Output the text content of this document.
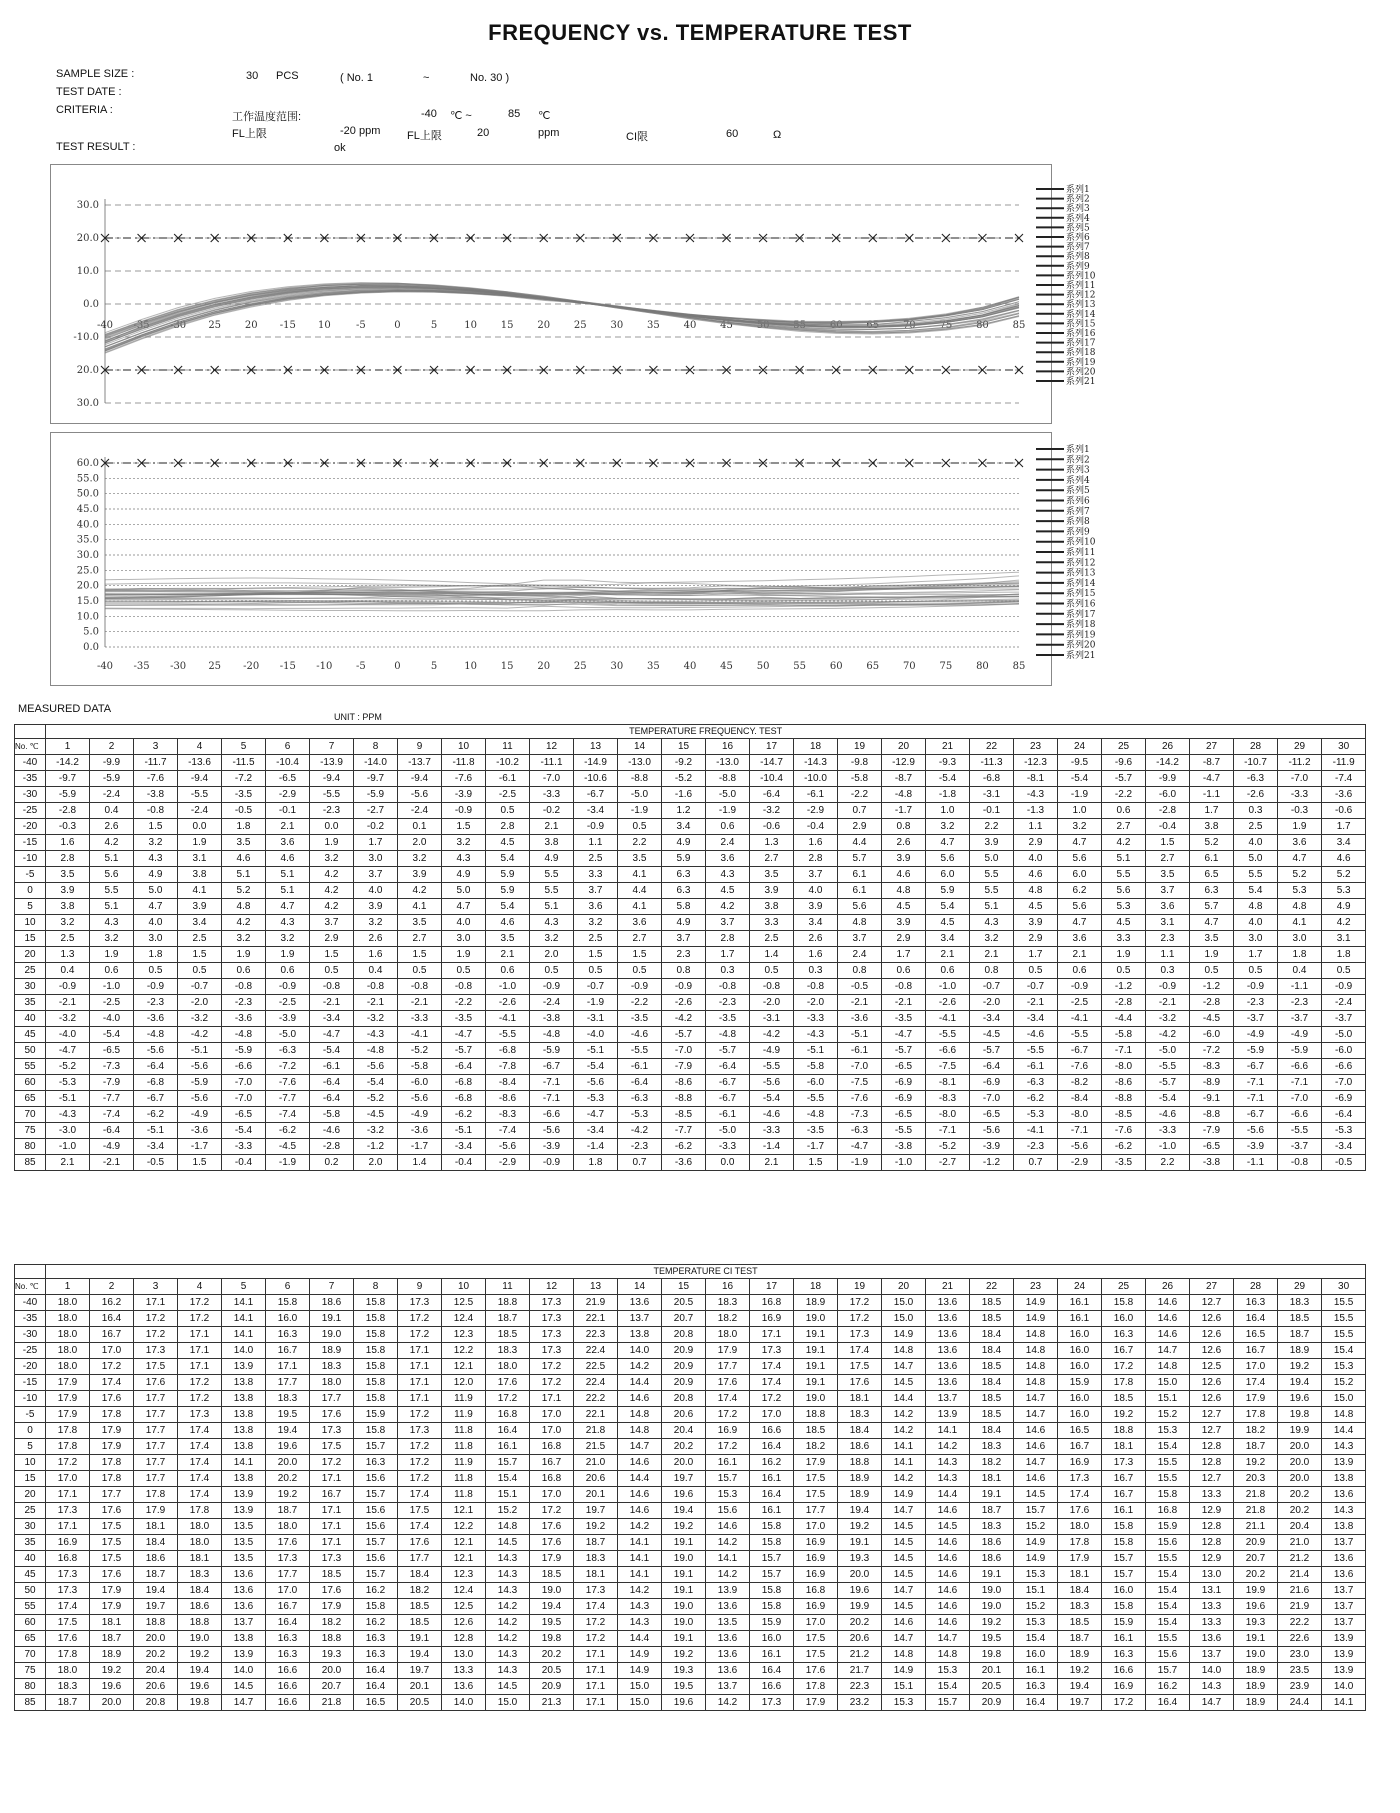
FREQUENCY vs. TEMPERATURE TEST
SAMPLE SIZE :	30 PCS	( No. 1	~	No. 30 )
TEST DATE :
CRITERIA :
工作温度范围:	-40 ℃ ~	85 ℃
FL上限	-20 ppm FL上限	20	ppm	CI限	60	Ω
TEST RESULT :	ok
30.0
20.0
10.0
0.0
-10.0
20.0
30.0
-40 -35 -30 25 20 -15 10	-5	0	5	10 15 20 25 30 35 40 45 50 55 60 65 70 75 80 85
系列1
系列2
系列3
系列4
系列5
系列6
系列7
系列8
系列9
系列10
系列11
系列12
系列13
系列14
系列15
系列16
系列17
系列18
系列19
系列20
系列21
60.0
55.0
50.0
45.0
40.0
35.0
30.0
25.0
20.0
15.0
10.0
5.0
0.0
-40 -35 -30 25 -20 -15 -10 -5	0	5	10 15 20 25 30 35 40 45 50 55 60 65 70 75 80 85
系列1
系列2
系列3
系列4
系列5
系列6
系列7
系列8
系列9
系列10
系列11
系列12
系列13
系列14
系列15
系列16
系列17
系列18
系列19
系列20
系列21
MEASURED DATA
UNIT : PPM
	TEMPERATURE FREQUENCY. TEST																													
No. ℃	1	2	3	4	5	6	7	8	9	10	11	12	13	14	15	16	17	18	19	20	21	22	23	24	25	26	27	28	29	30
-40	-14.2	-9.9	-11.7	-13.6	-11.5	-10.4	-13.9	-14.0	-13.7	-11.8	-10.2	-11.1	-14.9	-13.0	-9.2	-13.0	-14.7	-14.3	-9.8	-12.9	-9.3	-11.3	-12.3	-9.5	-9.6	-14.2	-8.7	-10.7	-11.2	-11.9
-35	-9.7	-5.9	-7.6	-9.4	-7.2	-6.5	-9.4	-9.7	-9.4	-7.6	-6.1	-7.0	-10.6	-8.8	-5.2	-8.8	-10.4	-10.0	-5.8	-8.7	-5.4	-6.8	-8.1	-5.4	-5.7	-9.9	-4.7	-6.3	-7.0	-7.4
-30	-5.9	-2.4	-3.8	-5.5	-3.5	-2.9	-5.5	-5.9	-5.6	-3.9	-2.5	-3.3	-6.7	-5.0	-1.6	-5.0	-6.4	-6.1	-2.2	-4.8	-1.8	-3.1	-4.3	-1.9	-2.2	-6.0	-1.1	-2.6	-3.3	-3.6
-25	-2.8	0.4	-0.8	-2.4	-0.5	-0.1	-2.3	-2.7	-2.4	-0.9	0.5	-0.2	-3.4	-1.9	1.2	-1.9	-3.2	-2.9	0.7	-1.7	1.0	-0.1	-1.3	1.0	0.6	-2.8	1.7	0.3	-0.3	-0.6
-20	-0.3	2.6	1.5	0.0	1.8	2.1	0.0	-0.2	0.1	1.5	2.8	2.1	-0.9	0.5	3.4	0.6	-0.6	-0.4	2.9	0.8	3.2	2.2	1.1	3.2	2.7	-0.4	3.8	2.5	1.9	1.7
-15	1.6	4.2	3.2	1.9	3.5	3.6	1.9	1.7	2.0	3.2	4.5	3.8	1.1	2.2	4.9	2.4	1.3	1.6	4.4	2.6	4.7	3.9	2.9	4.7	4.2	1.5	5.2	4.0	3.6	3.4
-10	2.8	5.1	4.3	3.1	4.6	4.6	3.2	3.0	3.2	4.3	5.4	4.9	2.5	3.5	5.9	3.6	2.7	2.8	5.7	3.9	5.6	5.0	4.0	5.6	5.1	2.7	6.1	5.0	4.7	4.6
-5	3.5	5.6	4.9	3.8	5.1	5.1	4.2	3.7	3.9	4.9	5.9	5.5	3.3	4.1	6.3	4.3	3.5	3.7	6.1	4.6	6.0	5.5	4.6	6.0	5.5	3.5	6.5	5.5	5.2	5.2
0	3.9	5.5	5.0	4.1	5.2	5.1	4.2	4.0	4.2	5.0	5.9	5.5	3.7	4.4	6.3	4.5	3.9	4.0	6.1	4.8	5.9	5.5	4.8	6.2	5.6	3.7	6.3	5.4	5.3	5.3
5	3.8	5.1	4.7	3.9	4.8	4.7	4.2	3.9	4.1	4.7	5.4	5.1	3.6	4.1	5.8	4.2	3.8	3.9	5.6	4.5	5.4	5.1	4.5	5.6	5.3	3.6	5.7	4.8	4.8	4.9
10	3.2	4.3	4.0	3.4	4.2	4.3	3.7	3.2	3.5	4.0	4.6	4.3	3.2	3.6	4.9	3.7	3.3	3.4	4.8	3.9	4.5	4.3	3.9	4.7	4.5	3.1	4.7	4.0	4.1	4.2
15	2.5	3.2	3.0	2.5	3.2	3.2	2.9	2.6	2.7	3.0	3.5	3.2	2.5	2.7	3.7	2.8	2.5	2.6	3.7	2.9	3.4	3.2	2.9	3.6	3.3	2.3	3.5	3.0	3.0	3.1
20	1.3	1.9	1.8	1.5	1.9	1.9	1.5	1.6	1.5	1.9	2.1	2.0	1.5	1.5	2.3	1.7	1.4	1.6	2.4	1.7	2.1	2.1	1.7	2.1	1.9	1.1	1.9	1.7	1.8	1.8
25	0.4	0.6	0.5	0.5	0.6	0.6	0.5	0.4	0.5	0.5	0.6	0.5	0.5	0.5	0.8	0.3	0.5	0.3	0.8	0.6	0.6	0.8	0.5	0.6	0.5	0.3	0.5	0.5	0.4	0.5
30	-0.9	-1.0	-0.9	-0.7	-0.8	-0.9	-0.8	-0.8	-0.8	-0.8	-1.0	-0.9	-0.7	-0.9	-0.9	-0.8	-0.8	-0.8	-0.5	-0.8	-1.0	-0.7	-0.7	-0.9	-1.2	-0.9	-1.2	-0.9	-1.1	-0.9
35	-2.1	-2.5	-2.3	-2.0	-2.3	-2.5	-2.1	-2.1	-2.1	-2.2	-2.6	-2.4	-1.9	-2.2	-2.6	-2.3	-2.0	-2.0	-2.1	-2.1	-2.6	-2.0	-2.1	-2.5	-2.8	-2.1	-2.8	-2.3	-2.3	-2.4
40	-3.2	-4.0	-3.6	-3.2	-3.6	-3.9	-3.4	-3.2	-3.3	-3.5	-4.1	-3.8	-3.1	-3.5	-4.2	-3.5	-3.1	-3.3	-3.6	-3.5	-4.1	-3.4	-3.4	-4.1	-4.4	-3.2	-4.5	-3.7	-3.7	-3.7
45	-4.0	-5.4	-4.8	-4.2	-4.8	-5.0	-4.7	-4.3	-4.1	-4.7	-5.5	-4.8	-4.0	-4.6	-5.7	-4.8	-4.2	-4.3	-5.1	-4.7	-5.5	-4.5	-4.6	-5.5	-5.8	-4.2	-6.0	-4.9	-4.9	-5.0
50	-4.7	-6.5	-5.6	-5.1	-5.9	-6.3	-5.4	-4.8	-5.2	-5.7	-6.8	-5.9	-5.1	-5.5	-7.0	-5.7	-4.9	-5.1	-6.1	-5.7	-6.6	-5.7	-5.5	-6.7	-7.1	-5.0	-7.2	-5.9	-5.9	-6.0
55	-5.2	-7.3	-6.4	-5.6	-6.6	-7.2	-6.1	-5.6	-5.8	-6.4	-7.8	-6.7	-5.4	-6.1	-7.9	-6.4	-5.5	-5.8	-7.0	-6.5	-7.5	-6.4	-6.1	-7.6	-8.0	-5.5	-8.3	-6.7	-6.6	-6.6
60	-5.3	-7.9	-6.8	-5.9	-7.0	-7.6	-6.4	-5.4	-6.0	-6.8	-8.4	-7.1	-5.6	-6.4	-8.6	-6.7	-5.6	-6.0	-7.5	-6.9	-8.1	-6.9	-6.3	-8.2	-8.6	-5.7	-8.9	-7.1	-7.1	-7.0
65	-5.1	-7.7	-6.7	-5.6	-7.0	-7.7	-6.4	-5.2	-5.6	-6.8	-8.6	-7.1	-5.3	-6.3	-8.8	-6.7	-5.4	-5.5	-7.6	-6.9	-8.3	-7.0	-6.2	-8.4	-8.8	-5.4	-9.1	-7.1	-7.0	-6.9
70	-4.3	-7.4	-6.2	-4.9	-6.5	-7.4	-5.8	-4.5	-4.9	-6.2	-8.3	-6.6	-4.7	-5.3	-8.5	-6.1	-4.6	-4.8	-7.3	-6.5	-8.0	-6.5	-5.3	-8.0	-8.5	-4.6	-8.8	-6.7	-6.6	-6.4
75	-3.0	-6.4	-5.1	-3.6	-5.4	-6.2	-4.6	-3.2	-3.6	-5.1	-7.4	-5.6	-3.4	-4.2	-7.7	-5.0	-3.3	-3.5	-6.3	-5.5	-7.1	-5.6	-4.1	-7.1	-7.6	-3.3	-7.9	-5.6	-5.5	-5.3
80	-1.0	-4.9	-3.4	-1.7	-3.3	-4.5	-2.8	-1.2	-1.7	-3.4	-5.6	-3.9	-1.4	-2.3	-6.2	-3.3	-1.4	-1.7	-4.7	-3.8	-5.2	-3.9	-2.3	-5.6	-6.2	-1.0	-6.5	-3.9	-3.7	-3.4
85	2.1	-2.1	-0.5	1.5	-0.4	-1.9	0.2	2.0	1.4	-0.4	-2.9	-0.9	1.8	0.7	-3.6	0.0	2.1	1.5	-1.9	-1.0	-2.7	-1.2	0.7	-2.9	-3.5	2.2	-3.8	-1.1	-0.8	-0.5
	TEMPERATURE CI TEST																													
No. ℃	1	2	3	4	5	6	7	8	9	10	11	12	13	14	15	16	17	18	19	20	21	22	23	24	25	26	27	28	29	30
-40	18.0	16.2	17.1	17.2	14.1	15.8	18.6	15.8	17.3	12.5	18.8	17.3	21.9	13.6	20.5	18.3	16.8	18.9	17.2	15.0	13.6	18.5	14.9	16.1	15.8	14.6	12.7	16.3	18.3	15.5
-35	18.0	16.4	17.2	17.2	14.1	16.0	19.1	15.8	17.2	12.4	18.7	17.3	22.1	13.7	20.7	18.2	16.9	19.0	17.2	15.0	13.6	18.5	14.9	16.1	16.0	14.6	12.6	16.4	18.5	15.5
-30	18.0	16.7	17.2	17.1	14.1	16.3	19.0	15.8	17.2	12.3	18.5	17.3	22.3	13.8	20.8	18.0	17.1	19.1	17.3	14.9	13.6	18.4	14.8	16.0	16.3	14.6	12.6	16.5	18.7	15.5
-25	18.0	17.0	17.3	17.1	14.0	16.7	18.9	15.8	17.1	12.2	18.3	17.3	22.4	14.0	20.9	17.9	17.3	19.1	17.4	14.8	13.6	18.4	14.8	16.0	16.7	14.7	12.6	16.7	18.9	15.4
-20	18.0	17.2	17.5	17.1	13.9	17.1	18.3	15.8	17.1	12.1	18.0	17.2	22.5	14.2	20.9	17.7	17.4	19.1	17.5	14.7	13.6	18.5	14.8	16.0	17.2	14.8	12.5	17.0	19.2	15.3
-15	17.9	17.4	17.6	17.2	13.8	17.7	18.0	15.8	17.1	12.0	17.6	17.2	22.4	14.4	20.9	17.6	17.4	19.1	17.6	14.5	13.6	18.4	14.8	15.9	17.8	15.0	12.6	17.4	19.4	15.2
-10	17.9	17.6	17.7	17.2	13.8	18.3	17.7	15.8	17.1	11.9	17.2	17.1	22.2	14.6	20.8	17.4	17.2	19.0	18.1	14.4	13.7	18.5	14.7	16.0	18.5	15.1	12.6	17.9	19.6	15.0
-5	17.9	17.8	17.7	17.3	13.8	19.5	17.6	15.9	17.2	11.9	16.8	17.0	22.1	14.8	20.6	17.2	17.0	18.8	18.3	14.2	13.9	18.5	14.7	16.0	19.2	15.2	12.7	17.8	19.8	14.8
0	17.8	17.9	17.7	17.4	13.8	19.4	17.3	15.8	17.3	11.8	16.4	17.0	21.8	14.8	20.4	16.9	16.6	18.5	18.4	14.2	14.1	18.4	14.6	16.5	18.8	15.3	12.7	18.2	19.9	14.4
5	17.8	17.9	17.7	17.4	13.8	19.6	17.5	15.7	17.2	11.8	16.1	16.8	21.5	14.7	20.2	17.2	16.4	18.2	18.6	14.1	14.2	18.3	14.6	16.7	18.1	15.4	12.8	18.7	20.0	14.3
10	17.2	17.8	17.7	17.4	14.1	20.0	17.2	16.3	17.2	11.9	15.7	16.7	21.0	14.6	20.0	16.1	16.2	17.9	18.8	14.1	14.3	18.2	14.7	16.9	17.3	15.5	12.8	19.2	20.0	13.9
15	17.0	17.8	17.7	17.4	13.8	20.2	17.1	15.6	17.2	11.8	15.4	16.8	20.6	14.4	19.7	15.7	16.1	17.5	18.9	14.2	14.3	18.1	14.6	17.3	16.7	15.5	12.7	20.3	20.0	13.8
20	17.1	17.7	17.8	17.4	13.9	19.2	16.7	15.7	17.4	11.8	15.1	17.0	20.1	14.6	19.6	15.3	16.4	17.5	18.9	14.9	14.4	19.1	14.5	17.4	16.7	15.8	13.3	21.8	20.2	13.6
25	17.3	17.6	17.9	17.8	13.9	18.7	17.1	15.6	17.5	12.1	15.2	17.2	19.7	14.6	19.4	15.6	16.1	17.7	19.4	14.7	14.6	18.7	15.7	17.6	16.1	16.8	12.9	21.8	20.2	14.3
30	17.1	17.5	18.1	18.0	13.5	18.0	17.1	15.6	17.4	12.2	14.8	17.6	19.2	14.2	19.2	14.6	15.8	17.0	19.2	14.5	14.5	18.3	15.2	18.0	15.8	15.9	12.8	21.1	20.4	13.8
35	16.9	17.5	18.4	18.0	13.5	17.6	17.1	15.7	17.6	12.1	14.5	17.6	18.7	14.1	19.1	14.2	15.8	16.9	19.1	14.5	14.6	18.6	14.9	17.8	15.8	15.6	12.8	20.9	21.0	13.7
40	16.8	17.5	18.6	18.1	13.5	17.3	17.3	15.6	17.7	12.1	14.3	17.9	18.3	14.1	19.0	14.1	15.7	16.9	19.3	14.5	14.6	18.6	14.9	17.9	15.7	15.5	12.9	20.7	21.2	13.6
45	17.3	17.6	18.7	18.3	13.6	17.7	18.5	15.7	18.4	12.3	14.3	18.5	18.1	14.1	19.1	14.2	15.7	16.9	20.0	14.5	14.6	19.1	15.3	18.1	15.7	15.4	13.0	20.2	21.4	13.6
50	17.3	17.9	19.4	18.4	13.6	17.0	17.6	16.2	18.2	12.4	14.3	19.0	17.3	14.2	19.1	13.9	15.8	16.8	19.6	14.7	14.6	19.0	15.1	18.4	16.0	15.4	13.1	19.9	21.6	13.7
55	17.4	17.9	19.7	18.6	13.6	16.7	17.9	15.8	18.5	12.5	14.2	19.4	17.4	14.3	19.0	13.6	15.8	16.9	19.9	14.5	14.6	19.0	15.2	18.3	15.8	15.4	13.3	19.6	21.9	13.7
60	17.5	18.1	18.8	18.8	13.7	16.4	18.2	16.2	18.5	12.6	14.2	19.5	17.2	14.3	19.0	13.5	15.9	17.0	20.2	14.6	14.6	19.2	15.3	18.5	15.9	15.4	13.3	19.3	22.2	13.7
65	17.6	18.7	20.0	19.0	13.8	16.3	18.8	16.3	19.1	12.8	14.2	19.8	17.2	14.4	19.1	13.6	16.0	17.5	20.6	14.7	14.7	19.5	15.4	18.7	16.1	15.5	13.6	19.1	22.6	13.9
70	17.8	18.9	20.2	19.2	13.9	16.3	19.3	16.3	19.4	13.0	14.3	20.2	17.1	14.9	19.2	13.6	16.1	17.5	21.2	14.8	14.8	19.8	16.0	18.9	16.3	15.6	13.7	19.0	23.0	13.9
75	18.0	19.2	20.4	19.4	14.0	16.6	20.0	16.4	19.7	13.3	14.3	20.5	17.1	14.9	19.3	13.6	16.4	17.6	21.7	14.9	15.3	20.1	16.1	19.2	16.6	15.7	14.0	18.9	23.5	13.9
80	18.3	19.6	20.6	19.6	14.5	16.6	20.7	16.4	20.1	13.6	14.5	20.9	17.1	15.0	19.5	13.7	16.6	17.8	22.3	15.1	15.4	20.5	16.3	19.4	16.9	16.2	14.3	18.9	23.9	14.0
85	18.7	20.0	20.8	19.8	14.7	16.6	21.8	16.5	20.5	14.0	15.0	21.3	17.1	15.0	19.6	14.2	17.3	17.9	23.2	15.3	15.7	20.9	16.4	19.7	17.2	16.4	14.7	18.9	24.4	14.1
